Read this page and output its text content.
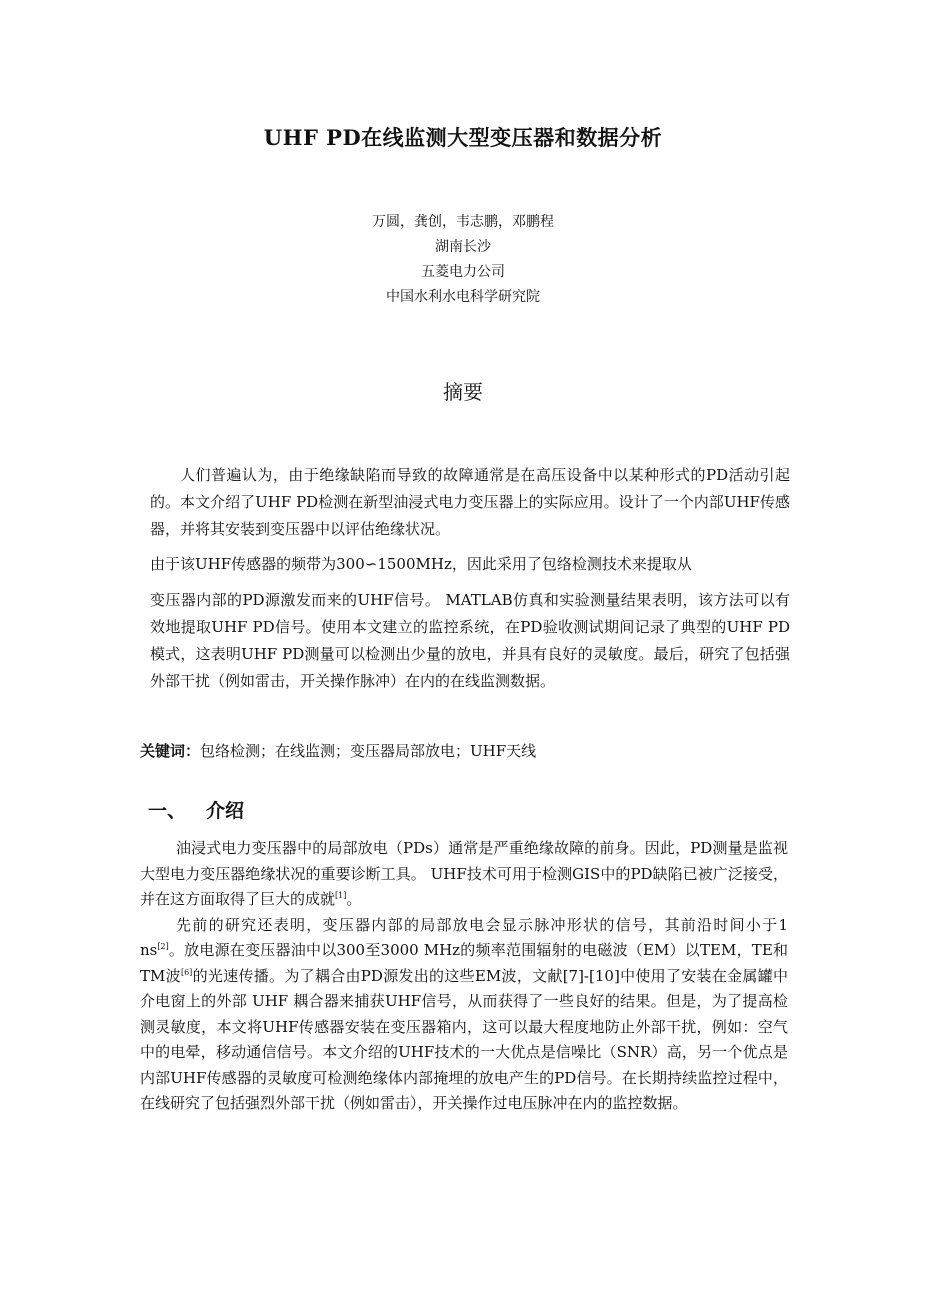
UHF PD在线监测大型变压器和数据分析
万圆，龚创，韦志鹏，邓鹏程
湖南长沙
五菱电力公司
中国水利水电科学研究院
摘要

人们普遍认为，由于绝缘缺陷而导致的故障通常是在高压设备中以某种形式的PD活动引起的。本文介绍了UHF PD检测在新型油浸式电力变压器上的实际应用。设计了一个内部UHF传感器，并将其安装到变压器中以评估绝缘状况。

由于该UHF传感器的频带为300∽1500MHz，因此采用了包络检测技术来提取从

变压器内部的PD源激发而来的UHF信号。 MATLAB仿真和实验测量结果表明，该方法可以有效地提取UHF PD信号。使用本文建立的监控系统，在PD验收测试期间记录了典型的UHF PD模式，这表明UHF PD测量可以检测出少量的放电，并具有良好的灵敏度。最后，研究了包括强外部干扰（例如雷击，开关操作脉冲）在内的在线监测数据。

关键词：包络检测；在线监测；变压器局部放电；UHF天线
一、 介绍

油浸式电力变压器中的局部放电（PDs）通常是严重绝缘故障的前身。因此，PD测量是监视大型电力变压器绝缘状况的重要诊断工具。 UHF技术可用于检测GIS中的PD缺陷已被广泛接受，并在这方面取得了巨大的成就[1]。

先前的研究还表明，变压器内部的局部放电会显示脉冲形状的信号，其前沿时间小于1 ns[2]。放电源在变压器油中以300至3000 MHz的频率范围辐射的电磁波（EM）以TEM，TE和TM波[6]的光速传播。为了耦合由PD源发出的这些EM波，文献[7]-[10]中使用了安装在金属罐中介电窗上的外部 UHF 耦合器来捕获UHF信号，从而获得了一些良好的结果。但是，为了提高检测灵敏度，本文将UHF传感器安装在变压器箱内，这可以最大程度地防止外部干扰，例如：空气中的电晕，移动通信信号。本文介绍的UHF技术的一大优点是信噪比（SNR）高，另一个优点是内部UHF传感器的灵敏度可检测绝缘体内部掩埋的放电产生的PD信号。在长期持续监控过程中，在线研究了包括强烈外部干扰（例如雷击），开关操作过电压脉冲在内的监控数据。
